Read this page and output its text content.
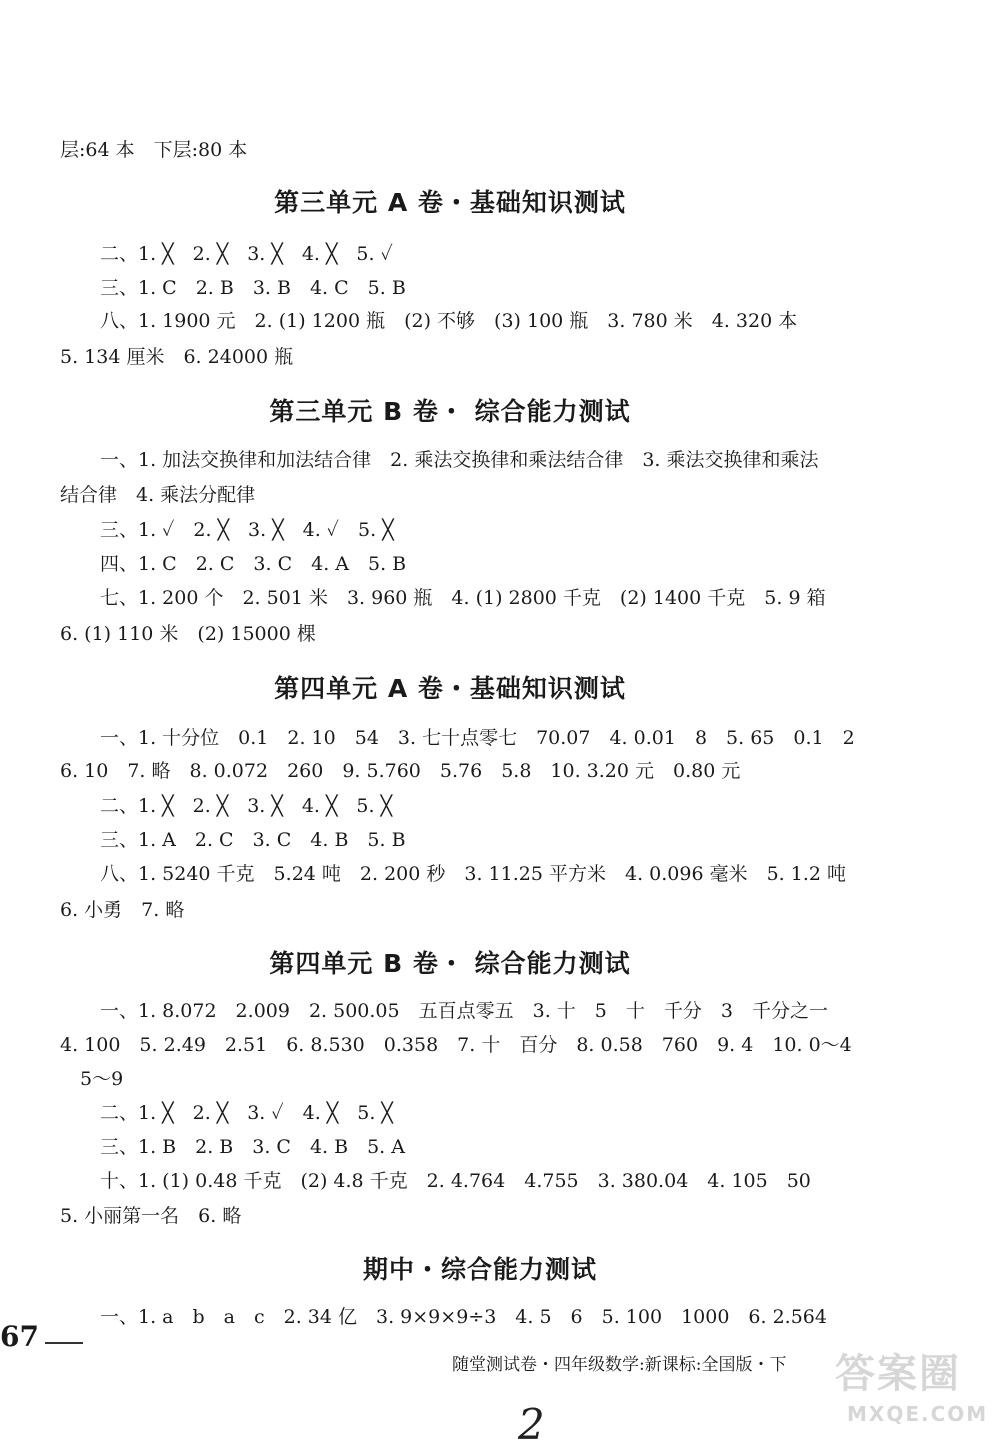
层:64 本　下层:80 本
第三单元 A 卷・基础知识测试
二、1. ╳　2. ╳　3. ╳　4. ╳　5. ✓
三、1. C　2. B　3. B　4. C　5. B
八、1. 1900 元　2. (1) 1200 瓶　(2) 不够　(3) 100 瓶　3. 780 米　4. 320 本
5. 134 厘米　6. 24000 瓶
第三单元 B 卷・ 综合能力测试
一、1. 加法交换律和加法结合律　2. 乘法交换律和乘法结合律　3. 乘法交换律和乘法
结合律　4. 乘法分配律
三、1. ✓　2. ╳　3. ╳　4. ✓　5. ╳
四、1. C　2. C　3. C　4. A　5. B
七、1. 200 个　2. 501 米　3. 960 瓶　4. (1) 2800 千克　(2) 1400 千克　5. 9 箱
6. (1) 110 米　(2) 15000 棵
第四单元 A 卷・基础知识测试
一、1. 十分位　0.1　2. 10　54　3. 七十点零七　70.07　4. 0.01　8　5. 65　0.1　2
6. 10　7. 略　8. 0.072　260　9. 5.760　5.76　5.8　10. 3.20 元　0.80 元
二、1. ╳　2. ╳　3. ╳　4. ╳　5. ╳
三、1. A　2. C　3. C　4. B　5. B
八、1. 5240 千克　5.24 吨　2. 200 秒　3. 11.25 平方米　4. 0.096 毫米　5. 1.2 吨
6. 小勇　7. 略
第四单元 B 卷・ 综合能力测试
一、1. 8.072　2.009　2. 500.05　五百点零五　3. 十　5　十　千分　3　千分之一
4. 100　5. 2.49　2.51　6. 8.530　0.358　7. 十　百分　8. 0.58　760　9. 4　10. 0～4
5～9
二、1. ╳　2. ╳　3. ✓　4. ╳　5. ╳
三、1. B　2. B　3. C　4. B　5. A
十、1. (1) 0.48 千克　(2) 4.8 千克　2. 4.764　4.755　3. 380.04　4. 105　50
5. 小丽第一名　6. 略
期中・综合能力测试
一、1. a　b　a　c　2. 34 亿　3. 9×9×9÷3　4. 5　6　5. 100　1000　6. 2.564
67
随堂测试卷・四年级数学:新课标:全国版・下
2
答案圈
MXQE.COM
